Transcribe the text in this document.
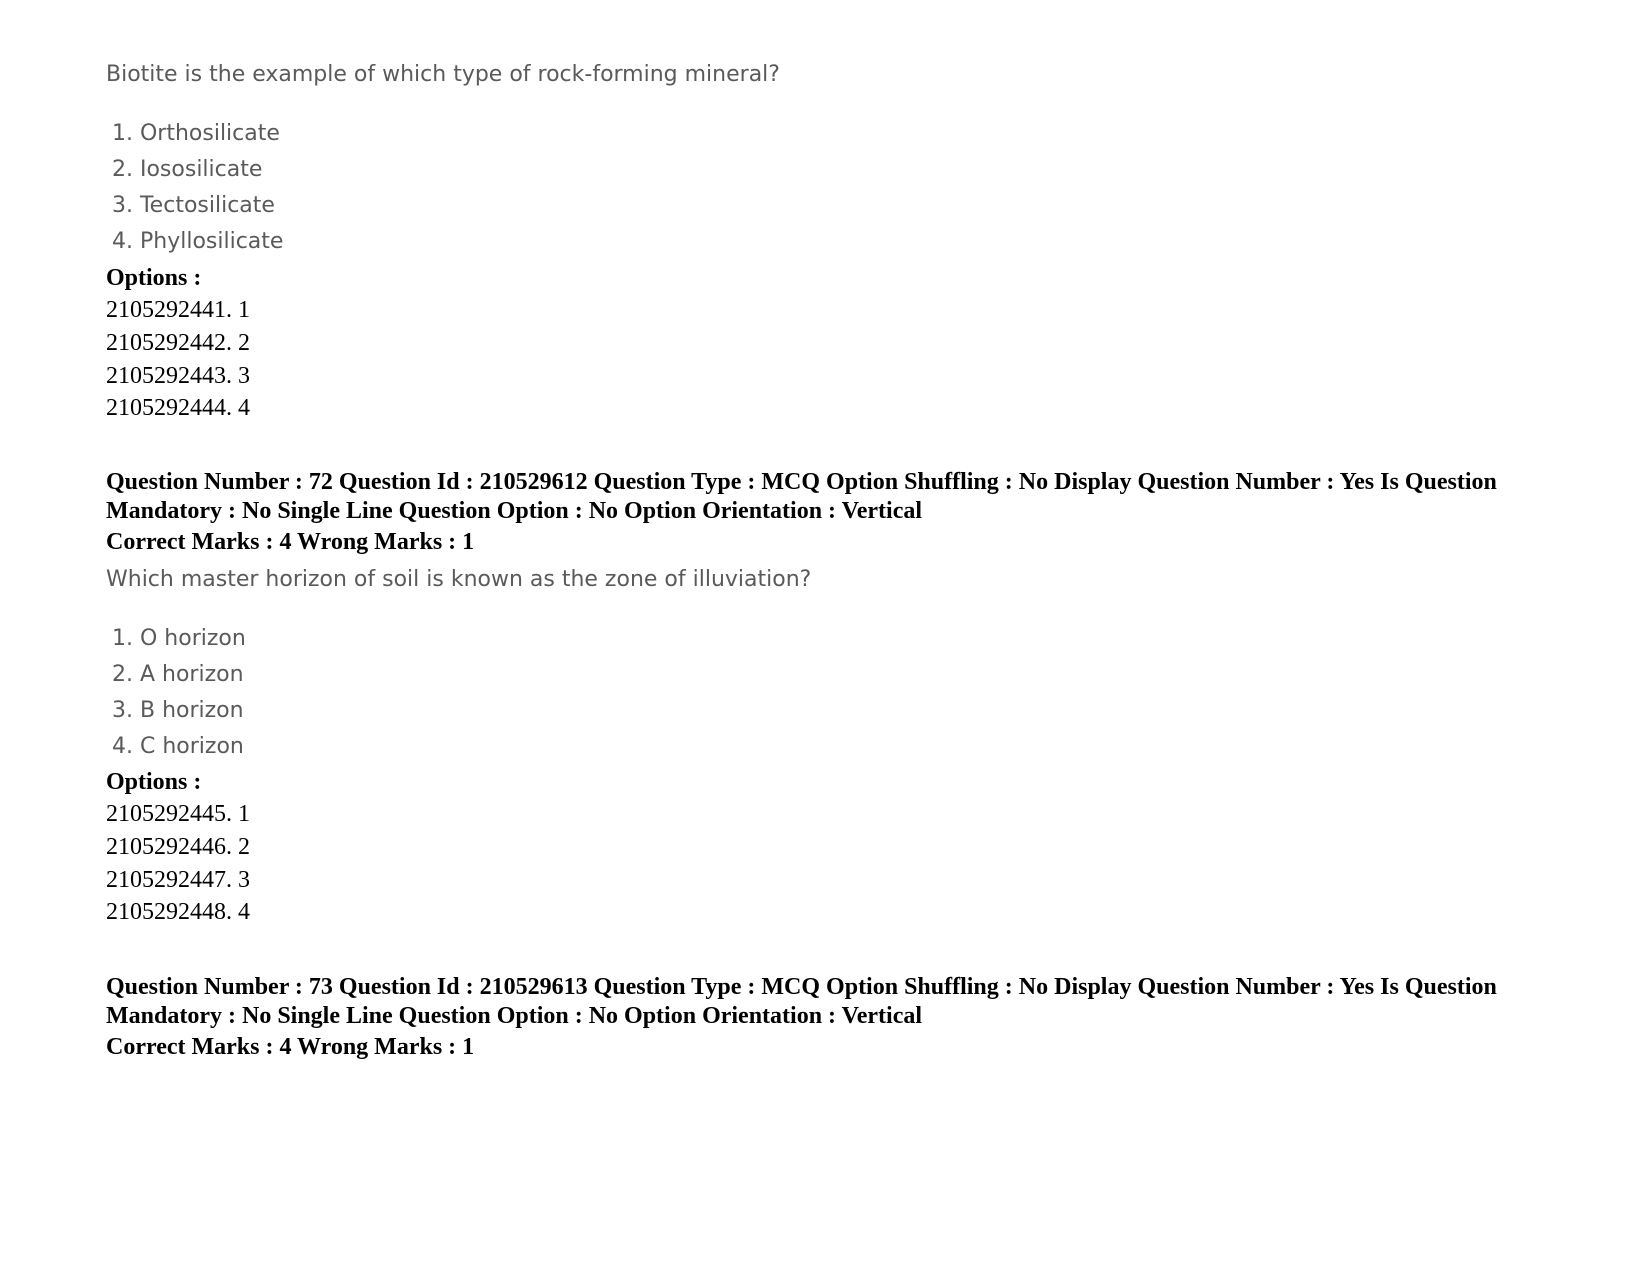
Biotite is the example of which type of rock-forming mineral?
1. Orthosilicate
2. Iososilicate
3. Tectosilicate
4. Phyllosilicate
Options :
2105292441. 1
2105292442. 2
2105292443. 3
2105292444. 4
Question Number : 72 Question Id : 210529612 Question Type : MCQ Option Shuffling : No Display Question Number : Yes Is Question
Mandatory : No Single Line Question Option : No Option Orientation : Vertical
Correct Marks : 4 Wrong Marks : 1
Which master horizon of soil is known as the zone of illuviation?
1. O horizon
2. A horizon
3. B horizon
4. C horizon
Options :
2105292445. 1
2105292446. 2
2105292447. 3
2105292448. 4
Question Number : 73 Question Id : 210529613 Question Type : MCQ Option Shuffling : No Display Question Number : Yes Is Question
Mandatory : No Single Line Question Option : No Option Orientation : Vertical
Correct Marks : 4 Wrong Marks : 1
